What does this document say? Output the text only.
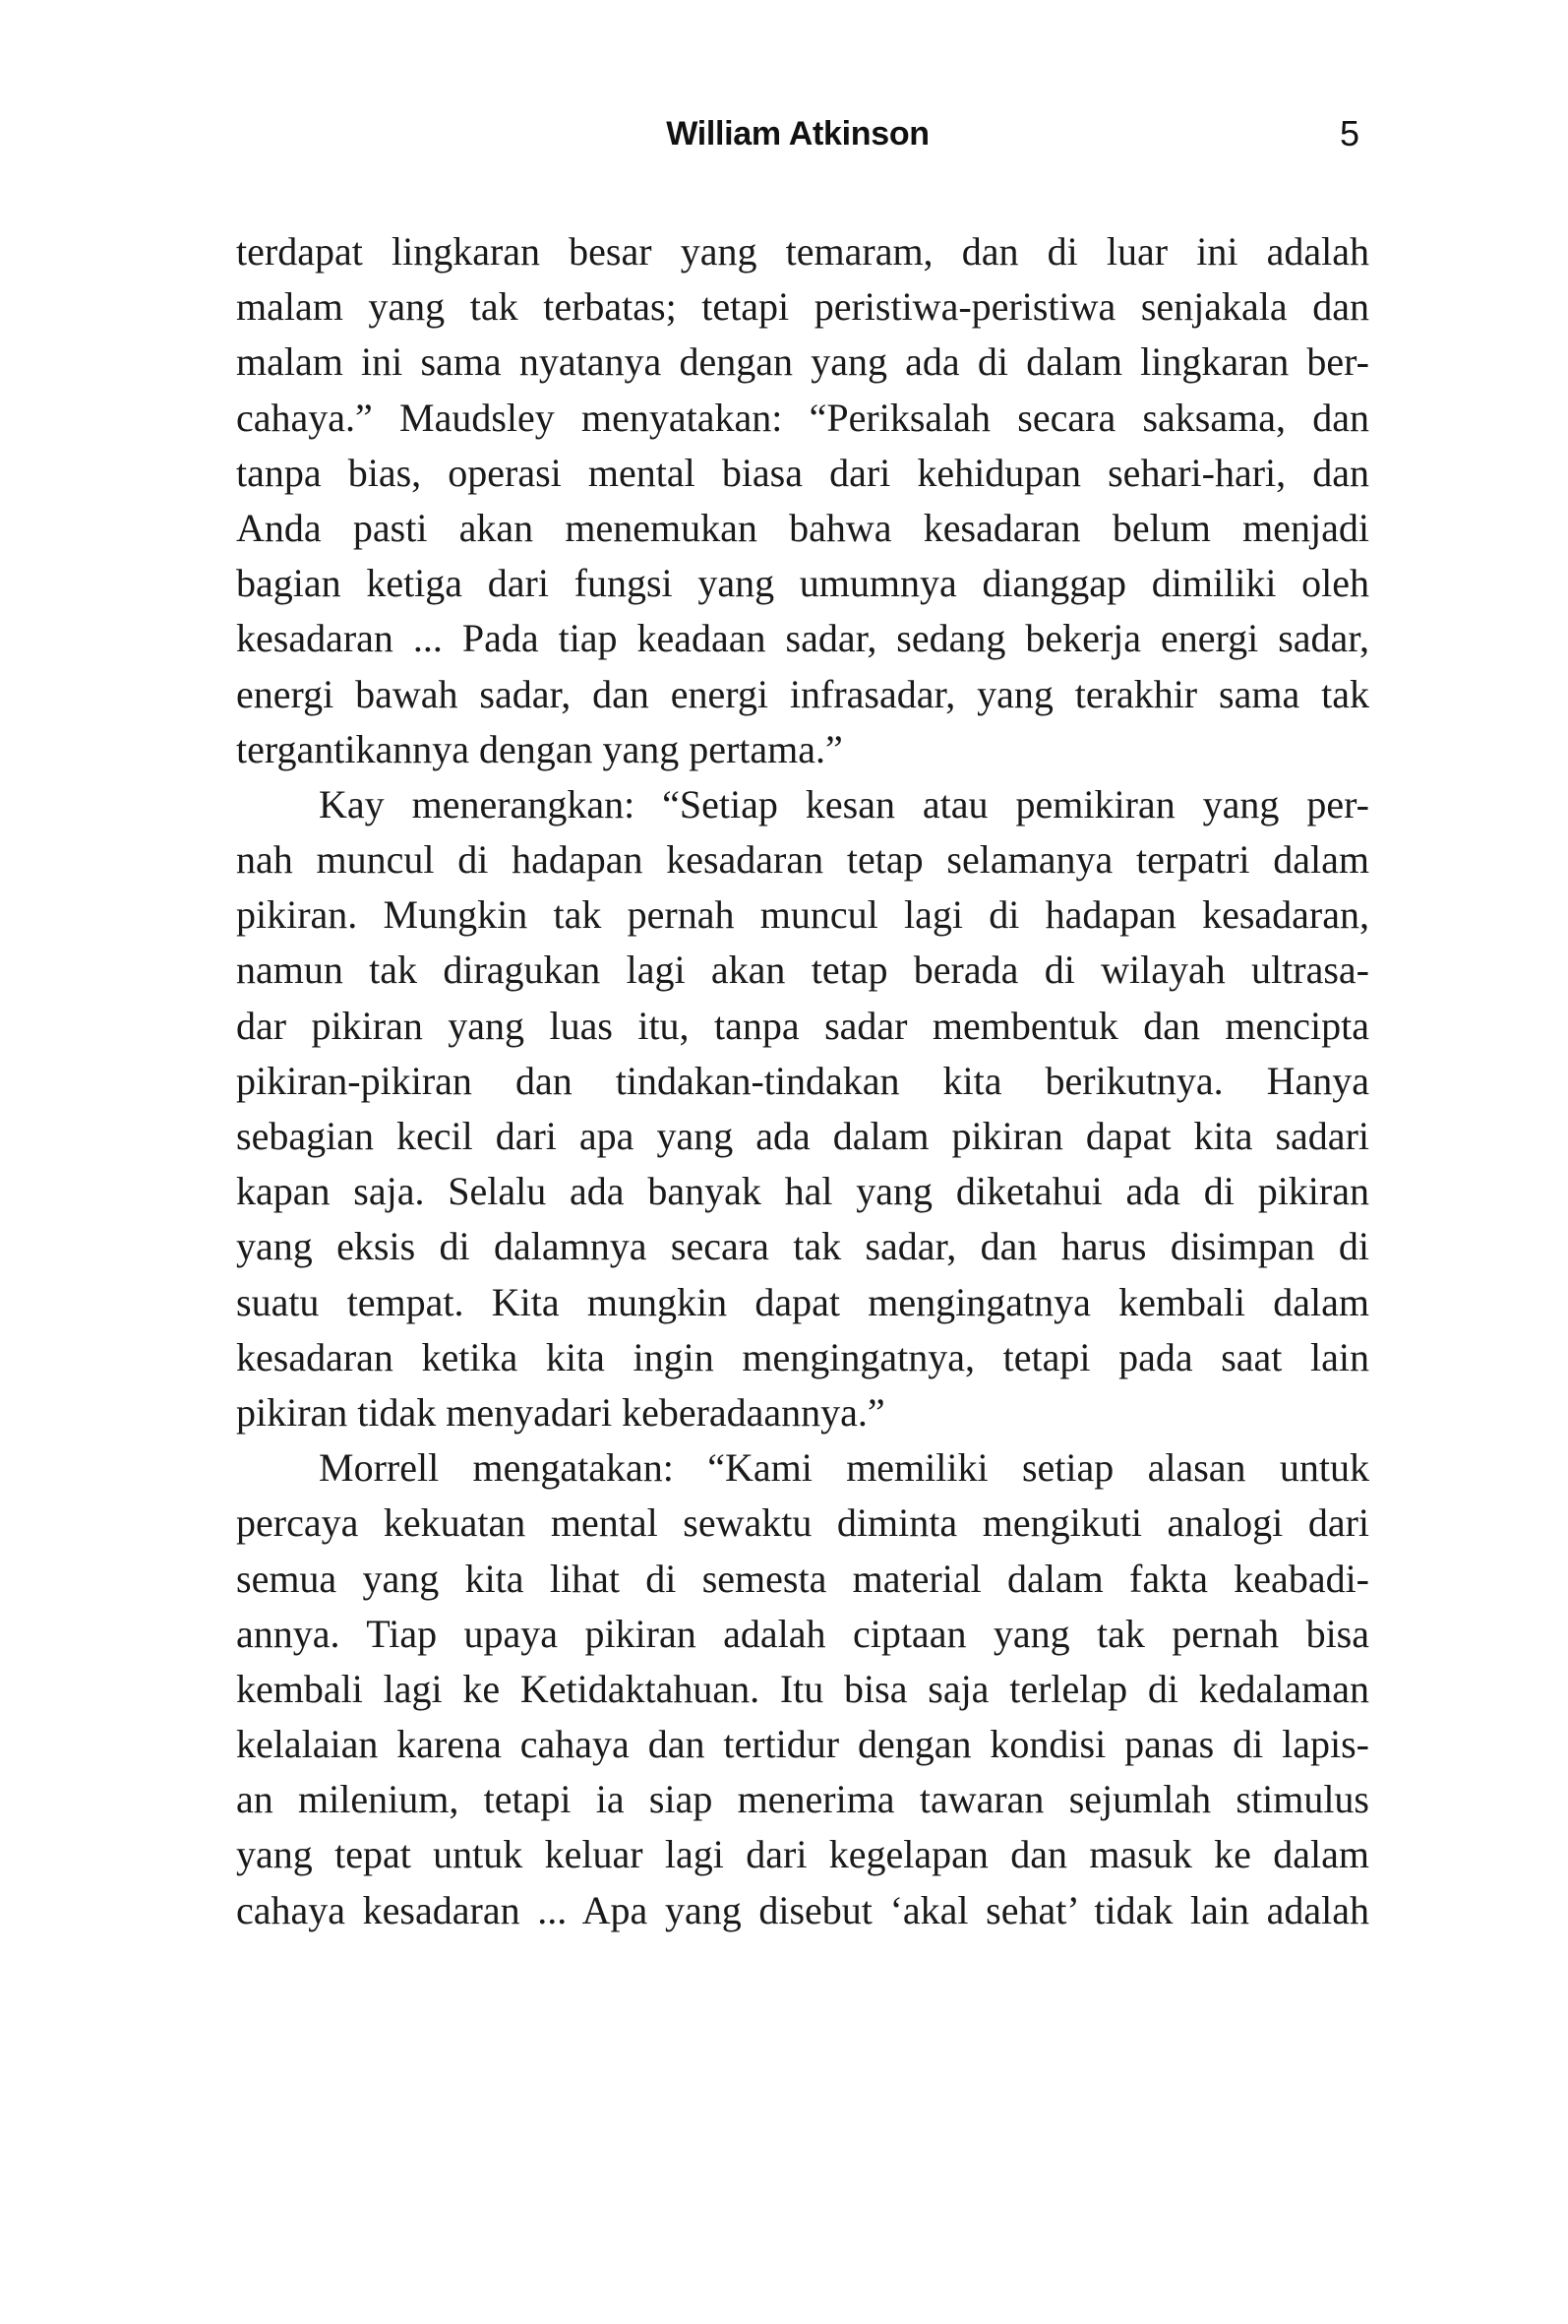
William Atkinson	5
terdapat lingkaran besar yang temaram, dan di luar ini adalah
malam yang tak terbatas; tetapi peristiwa-peristiwa senjakala dan
malam ini sama nyatanya dengan yang ada di dalam lingkaran ber-
cahaya.” Maudsley menyatakan: “Periksalah secara saksama, dan
tanpa bias, operasi mental biasa dari kehidupan sehari-hari, dan
Anda pasti akan menemukan bahwa kesadaran belum menjadi
bagian ketiga dari fungsi yang umumnya dianggap dimiliki oleh
kesadaran ... Pada tiap keadaan sadar, sedang bekerja energi sadar,
energi bawah sadar, dan energi infrasadar, yang terakhir sama tak
tergantikannya dengan yang pertama.”
Kay menerangkan: “Setiap kesan atau pemikiran yang per-
nah muncul di hadapan kesadaran tetap selamanya terpatri dalam
pikiran. Mungkin tak pernah muncul lagi di hadapan kesadaran,
namun tak diragukan lagi akan tetap berada di wilayah ultrasa-
dar pikiran yang luas itu, tanpa sadar membentuk dan mencipta
pikiran-pikiran dan tindakan-tindakan kita berikutnya. Hanya
sebagian kecil dari apa yang ada dalam pikiran dapat kita sadari
kapan saja. Selalu ada banyak hal yang diketahui ada di pikiran
yang eksis di dalamnya secara tak sadar, dan harus disimpan di
suatu tempat. Kita mungkin dapat mengingatnya kembali dalam
kesadaran ketika kita ingin mengingatnya, tetapi pada saat lain
pikiran tidak menyadari keberadaannya.”
Morrell mengatakan: “Kami memiliki setiap alasan untuk
percaya kekuatan mental sewaktu diminta mengikuti analogi dari
semua yang kita lihat di semesta material dalam fakta keabadi-
annya. Tiap upaya pikiran adalah ciptaan yang tak pernah bisa
kembali lagi ke Ketidaktahuan. Itu bisa saja terlelap di kedalaman
kelalaian karena cahaya dan tertidur dengan kondisi panas di lapis-
an milenium, tetapi ia siap menerima tawaran sejumlah stimulus
yang tepat untuk keluar lagi dari kegelapan dan masuk ke dalam
cahaya kesadaran ... Apa yang disebut ‘akal sehat’ tidak lain adalah
